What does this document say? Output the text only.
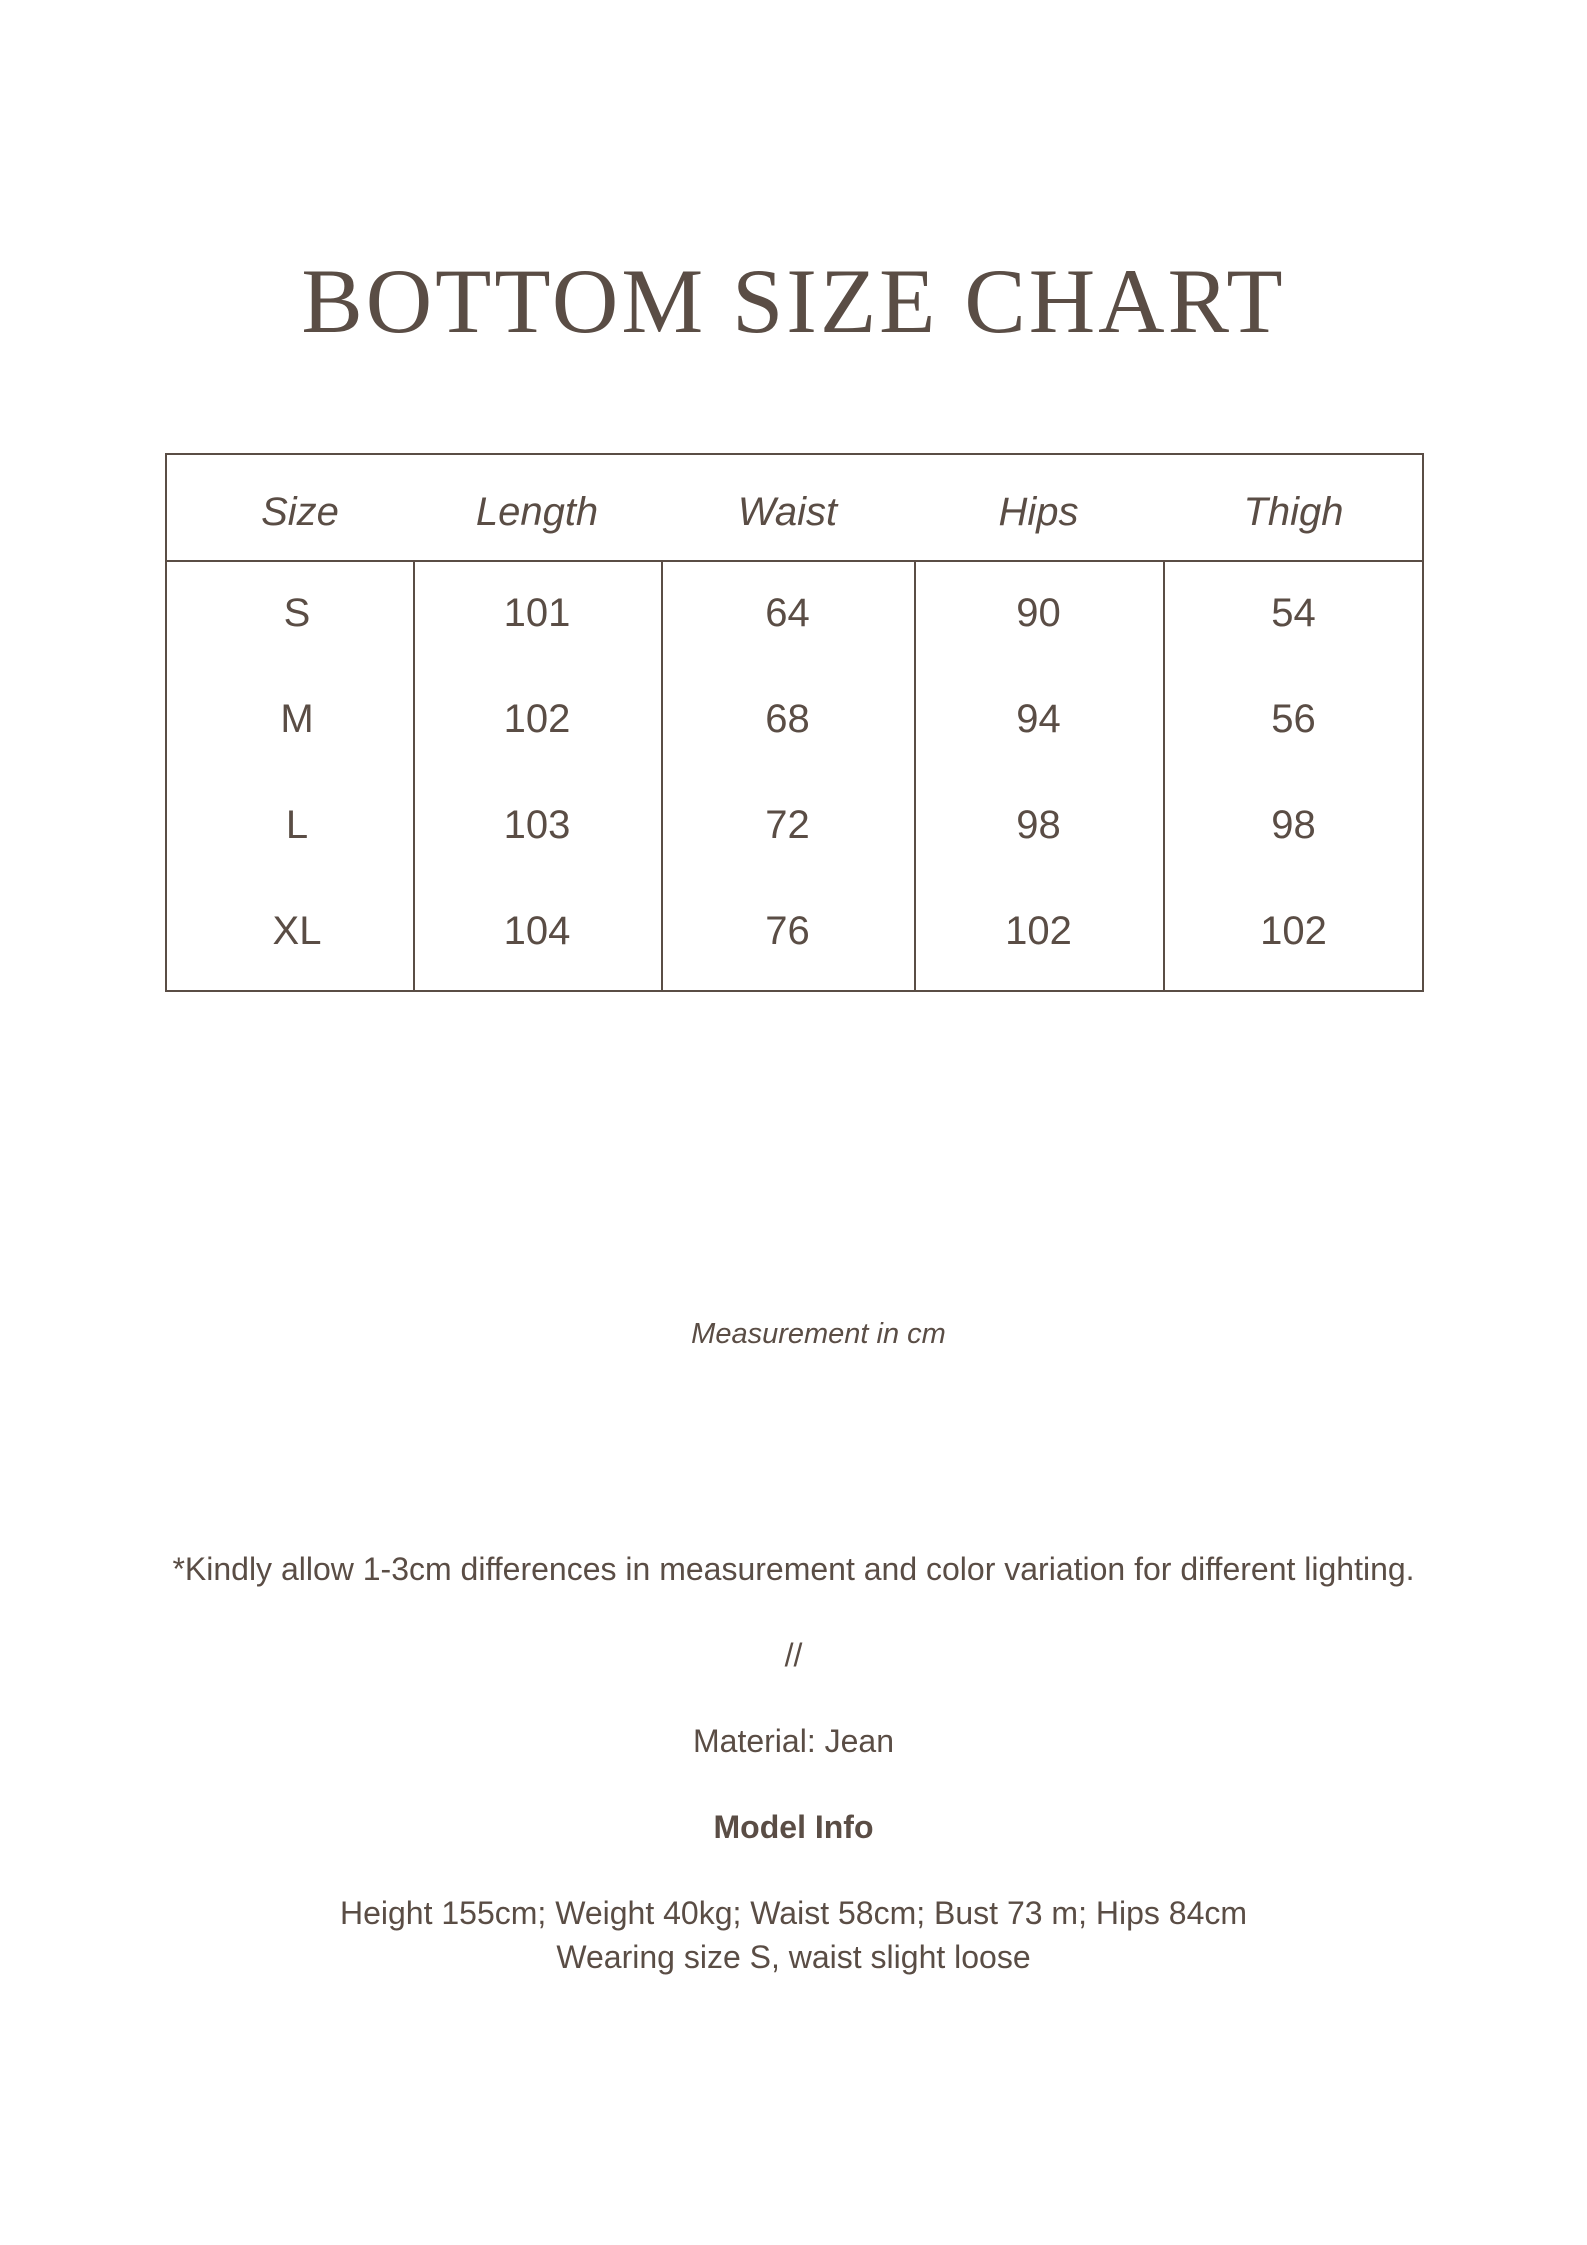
BOTTOM SIZE CHART
Size	Length	Waist	Hips	Thigh
S	101	64	90	54
M	102	68	94	56
L	103	72	98	98
XL	104	76	102	102
Measurement in cm
*Kindly allow 1-3cm differences in measurement and color variation for different lighting.
//
Material: Jean
Model Info
Height 155cm; Weight 40kg; Waist 58cm; Bust 73 m; Hips 84cm
Wearing size S, waist slight loose
